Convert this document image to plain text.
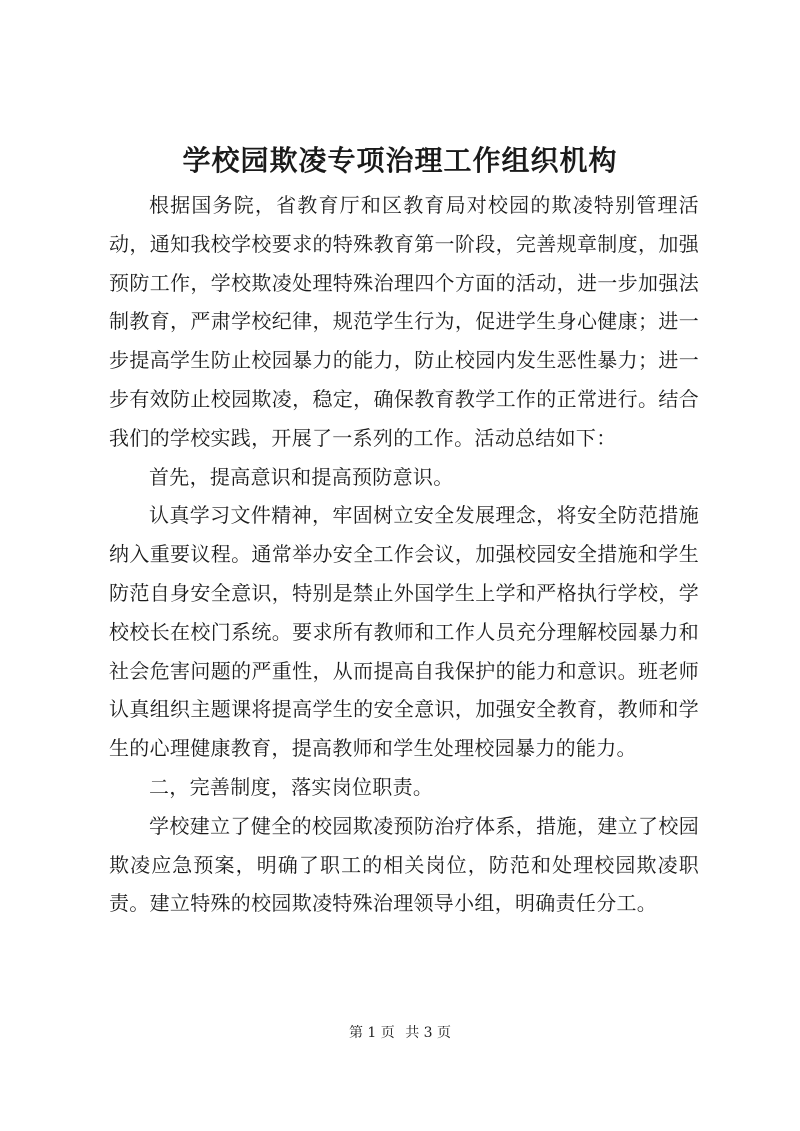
学校园欺凌专项治理工作组织机构

根据国务院，省教育厅和区教育局对校园的欺凌特别管理活动，通知我校学校要求的特殊教育第一阶段，完善规章制度，加强预防工作，学校欺凌处理特殊治理四个方面的活动，进一步加强法制教育，严肃学校纪律，规范学生行为，促进学生身心健康；进一步提高学生防止校园暴力的能力，防止校园内发生恶性暴力；进一步有效防止校园欺凌，稳定，确保教育教学工作的正常进行。结合我们的学校实践，开展了一系列的工作。活动总结如下：

首先，提高意识和提高预防意识。

认真学习文件精神，牢固树立安全发展理念，将安全防范措施纳入重要议程。通常举办安全工作会议，加强校园安全措施和学生防范自身安全意识，特别是禁止外国学生上学和严格执行学校，学校校长在校门系统。要求所有教师和工作人员充分理解校园暴力和社会危害问题的严重性，从而提高自我保护的能力和意识。班老师认真组织主题课将提高学生的安全意识，加强安全教育，教师和学生的心理健康教育，提高教师和学生处理校园暴力的能力。

二，完善制度，落实岗位职责。

学校建立了健全的校园欺凌预防治疗体系，措施，建立了校园欺凌应急预案，明确了职工的相关岗位，防范和处理校园欺凌职责。建立特殊的校园欺凌特殊治理领导小组，明确责任分工。

第 1 页 共 3 页
